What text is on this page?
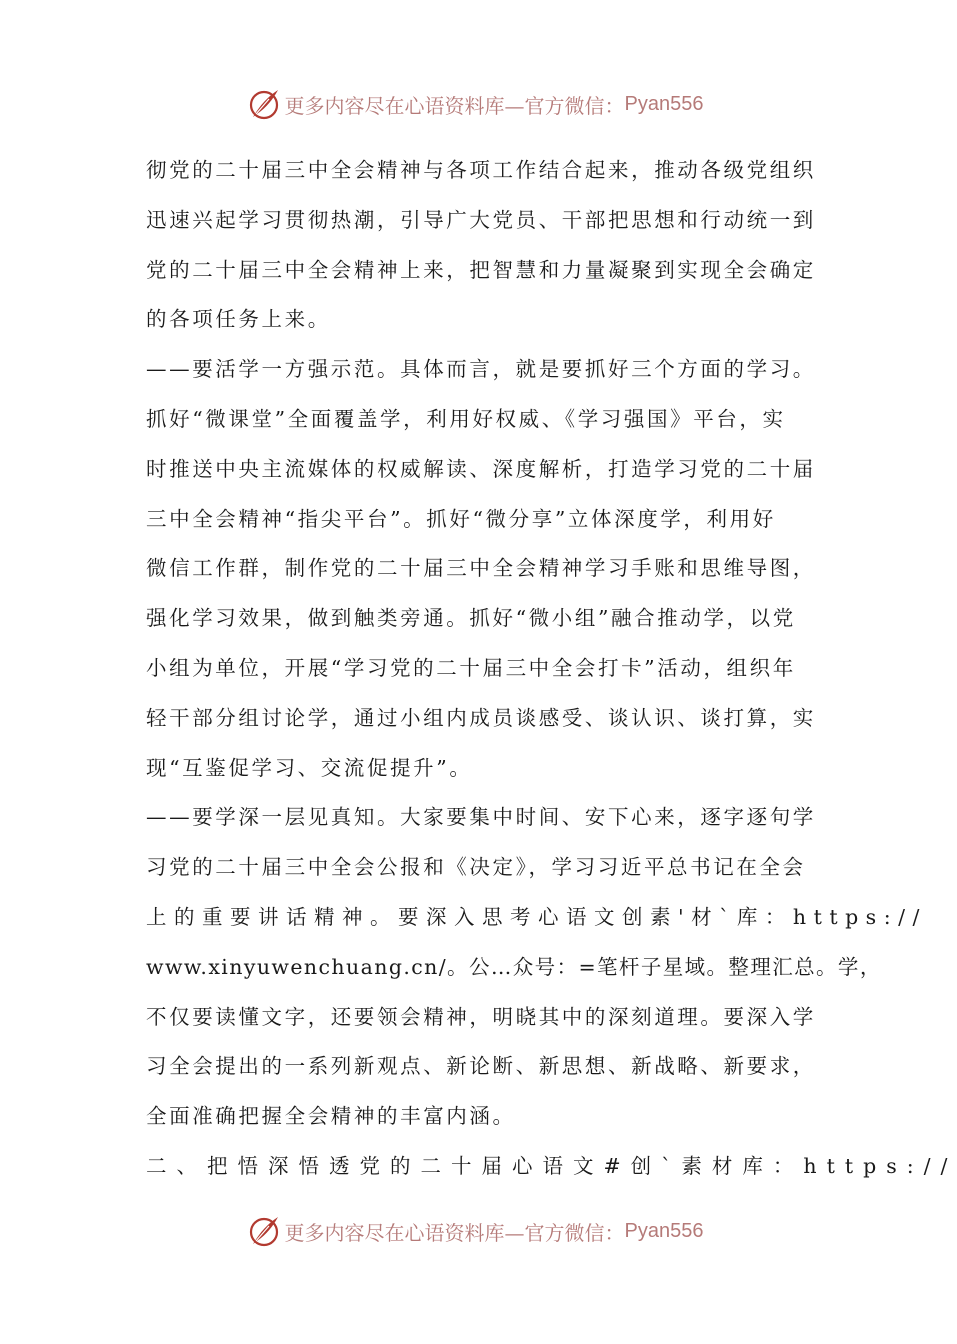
更多内容尽在心语资料库—官方微信： Pyan556
彻党的二十届三中全会精神与各项工作结合起来，推动各级党组织
迅速兴起学习贯彻热潮，引导广大党员、干部把思想和行动统一到
党的二十届三中全会精神上来，把智慧和力量凝聚到实现全会确定
的各项任务上来。
——要活学一方强示范。具体而言，就是要抓好三个方面的学习。
抓好“微课堂”全面覆盖学，利用好权威、《学习强国》平台，实
时推送中央主流媒体的权威解读、深度解析，打造学习党的二十届
三中全会精神“指尖平台”。抓好“微分享”立体深度学，利用好
微信工作群，制作党的二十届三中全会精神学习手账和思维导图，
强化学习效果，做到触类旁通。抓好“微小组”融合推动学，以党
小组为单位，开展“学习党的二十届三中全会打卡”活动，组织年
轻干部分组讨论学，通过小组内成员谈感受、谈认识、谈打算，实
现“互鉴促学习、交流促提升”。
——要学深一层见真知。大家要集中时间、安下心来，逐字逐句学
习党的二十届三中全会公报和《决定》，学习习近平总书记在全会
上的重要讲话精神。要深入思考心语文创素'材`库：https://
www.xinyuwenchuang.cn/。公…众号：=笔杆子星域。整理汇总。学，
不仅要读懂文字，还要领会精神，明晓其中的深刻道理。要深入学
习全会提出的一系列新观点、新论断、新思想、新战略、新要求，
全面准确把握全会精神的丰富内涵。
二、把悟深悟透党的二十届心语文#创`素材库：https://
更多内容尽在心语资料库—官方微信： Pyan556
